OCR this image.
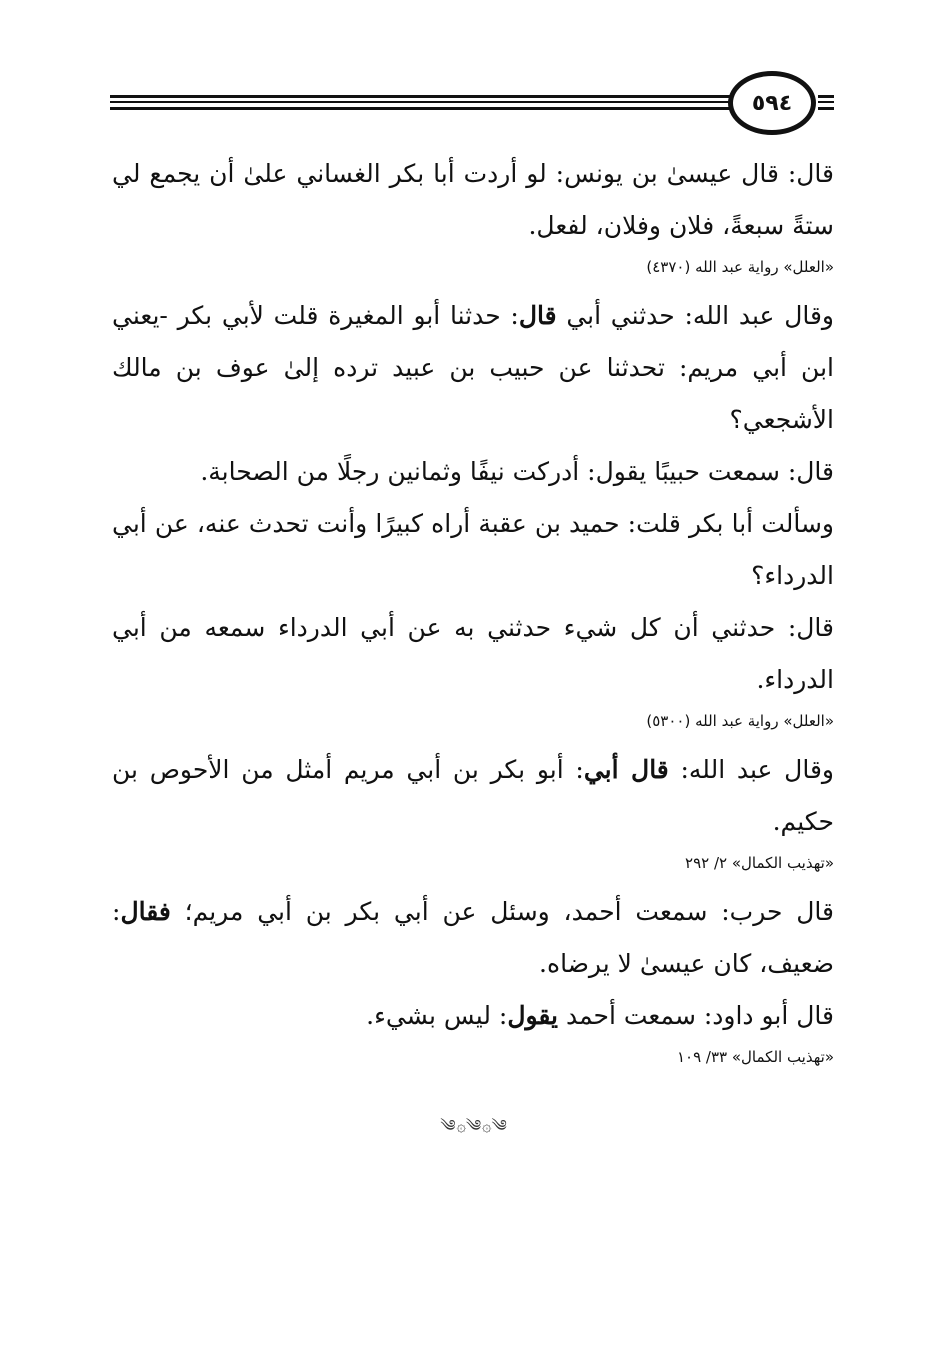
٥٩٤
قال: قال عيسىٰ بن يونس: لو أردت أبا بكر الغساني علىٰ أن يجمع لي ستةً سبعةً، فلان وفلان، لفعل.
«العلل» رواية عبد الله (٤٣٧٠)
وقال عبد الله: حدثني أبي قال: حدثنا أبو المغيرة قلت لأبي بكر -يعني ابن أبي مريم: تحدثنا عن حبيب بن عبيد ترده إلىٰ عوف بن مالك الأشجعي؟
قال: سمعت حبيبًا يقول: أدركت نيفًا وثمانين رجلًا من الصحابة.
وسألت أبا بكر قلت: حميد بن عقبة أراه كبيرًا وأنت تحدث عنه، عن أبي الدرداء؟
قال: حدثني أن كل شيء حدثني به عن أبي الدرداء سمعه من أبي الدرداء.
«العلل» رواية عبد الله (٥٣٠٠)
وقال عبد الله: قال أبي: أبو بكر بن أبي مريم أمثل من الأحوص بن حكيم.
«تهذيب الكمال» ٢/ ٢٩٢
قال حرب: سمعت أحمد، وسئل عن أبي بكر بن أبي مريم؛ فقال: ضعيف، كان عيسىٰ لا يرضاه.
قال أبو داود: سمعت أحمد يقول: ليس بشيء.
«تهذيب الكمال» ٣٣/ ١٠٩
༄۞༄۞༄
